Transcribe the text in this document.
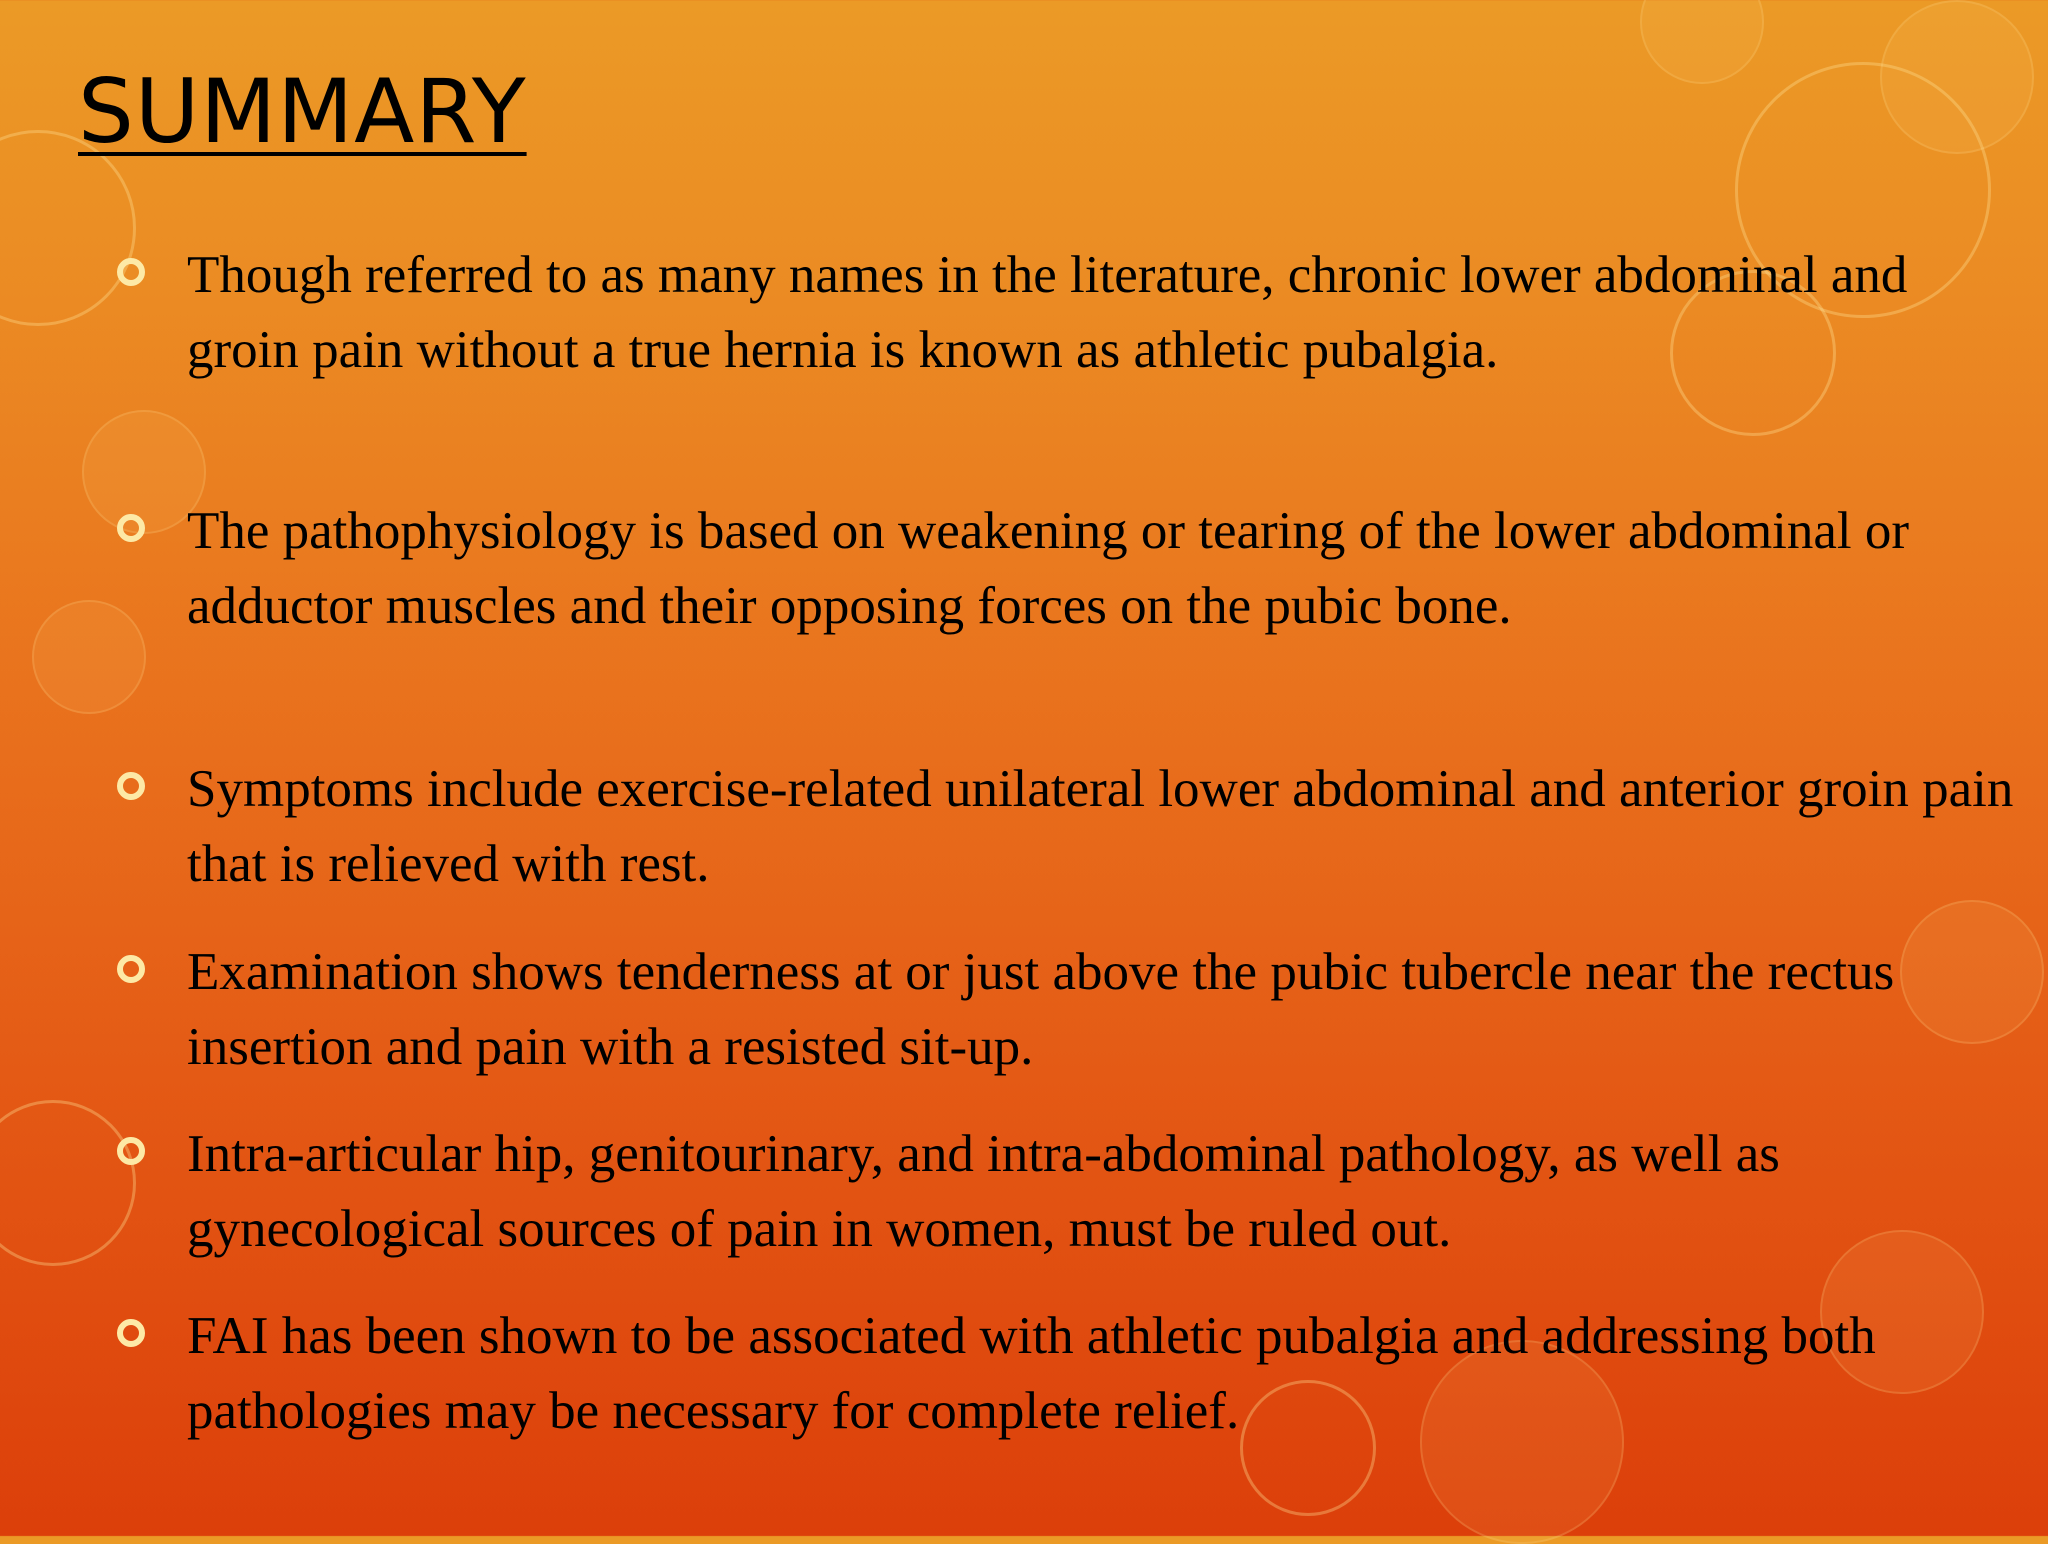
SUMMARY
Though referred to as many names in the literature, chronic lower abdominal and groin pain without a true hernia is known as athletic pubalgia.
The pathophysiology is based on weakening or tearing of the lower abdominal or adductor muscles and their opposing forces on the pubic bone.
Symptoms include exercise-related unilateral lower abdominal and anterior groin pain that is relieved with rest.
Examination shows tenderness at or just above the pubic tubercle near the rectus insertion and pain with a resisted sit-up.
Intra-articular hip, genitourinary, and intra-abdominal pathology, as well as gynecological sources of pain in women, must be ruled out.
FAI has been shown to be associated with athletic pubalgia and addressing both pathologies may be necessary for complete relief.
